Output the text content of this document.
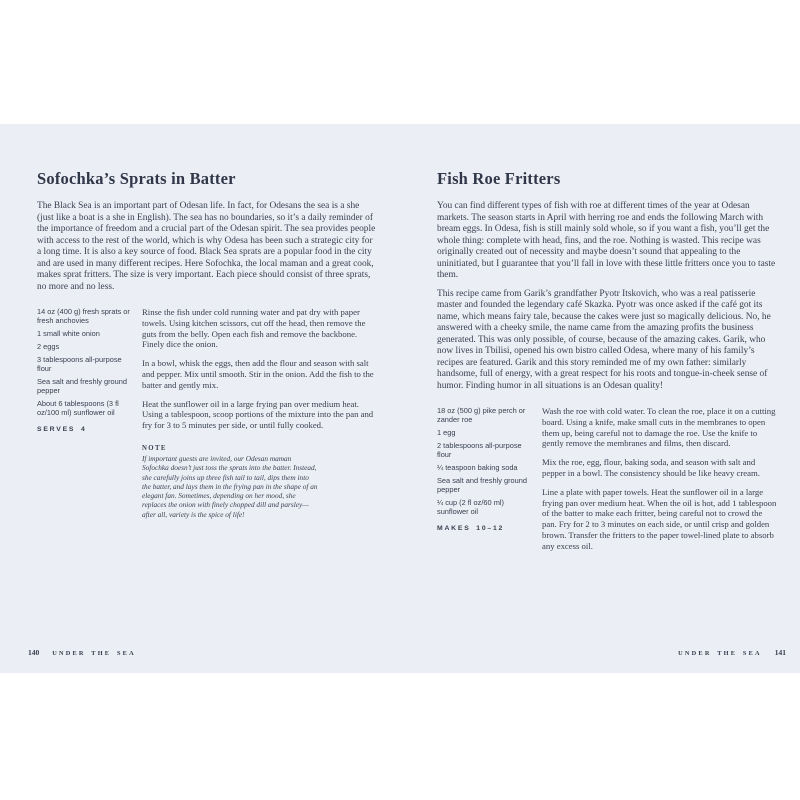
Sofochka’s Sprats in Batter

The Black Sea is an important part of Odesan life. In fact, for Odesans the sea is a she (just like a boat is a she in English). The sea has no boundaries, so it’s a daily reminder of the importance of freedom and a crucial part of the Odesan spirit. The sea provides people with access to the rest of the world, which is why Odesa has been such a strategic city for a long time. It is also a key source of food. Black Sea sprats are a popular food in the city and are used in many different recipes. Here Sofochka, the local maman and a great cook, makes sprat fritters. The size is very important. Each piece should consist of three sprats, no more and no less.

14 oz (400 g) fresh sprats or fresh anchovies

1 small white onion

2 eggs

3 tablespoons all-purpose flour

Sea salt and freshly ground pepper

About 6 tablespoons (3 fl oz/100 ml) sunflower oil

SERVES 4

Rinse the fish under cold running water and pat dry with paper towels. Using kitchen scissors, cut off the head, then remove the guts from the belly. Open each fish and remove the backbone. Finely dice the onion.

In a bowl, whisk the eggs, then add the flour and season with salt and pepper. Mix until smooth. Stir in the onion. Add the fish to the batter and gently mix.

Heat the sunflower oil in a large frying pan over medium heat. Using a tablespoon, scoop portions of the mixture into the pan and fry for 3 to 5 minutes per side, or until fully cooked.

NOTE

If important guests are invited, our Odesan maman Sofochka doesn’t just toss the sprats into the batter. Instead, she carefully joins up three fish tail to tail, dips them into the batter, and lays them in the frying pan in the shape of an elegant fan. Sometimes, depending on her mood, she replaces the onion with finely chopped dill and parsley—after all, variety is the spice of life!

140 UNDER THE SEA
Fish Roe Fritters

You can find different types of fish with roe at different times of the year at Odesan markets. The season starts in April with herring roe and ends the following March with bream eggs. In Odesa, fish is still mainly sold whole, so if you want a fish, you’ll get the whole thing: complete with head, fins, and the roe. Nothing is wasted. This recipe was originally created out of necessity and maybe doesn’t sound that appealing to the uninitiated, but I guarantee that you’ll fall in love with these little fritters once you to taste them.

This recipe came from Garik’s grandfather Pyotr Itskovich, who was a real patisserie master and founded the legendary café Skazka. Pyotr was once asked if the café got its name, which means fairy tale, because the cakes were just so magically delicious. No, he answered with a cheeky smile, the name came from the amazing profits the business generated. This was only possible, of course, because of the amazing cakes. Garik, who now lives in Tbilisi, opened his own bistro called Odesa, where many of his family’s recipes are featured. Garik and this story reminded me of my own father: similarly handsome, full of energy, with a great respect for his roots and tongue-in-cheek sense of humor. Finding humor in all situations is an Odesan quality!

18 oz (500 g) pike perch or zander roe

1 egg

2 tablespoons all-purpose flour

¼ teaspoon baking soda

Sea salt and freshly ground pepper

¼ cup (2 fl oz/60 ml) sunflower oil

MAKES 10–12

Wash the roe with cold water. To clean the roe, place it on a cutting board. Using a knife, make small cuts in the membranes to open them up, being careful not to damage the roe. Use the knife to gently remove the membranes and films, then discard.

Mix the roe, egg, flour, baking soda, and season with salt and pepper in a bowl. The consistency should be like heavy cream.

Line a plate with paper towels. Heat the sunflower oil in a large frying pan over medium heat. When the oil is hot, add 1 tablespoon of the batter to make each fritter, being careful not to crowd the pan. Fry for 2 to 3 minutes on each side, or until crisp and golden brown. Transfer the fritters to the paper towel-lined plate to absorb any excess oil.

UNDER THE SEA 141
